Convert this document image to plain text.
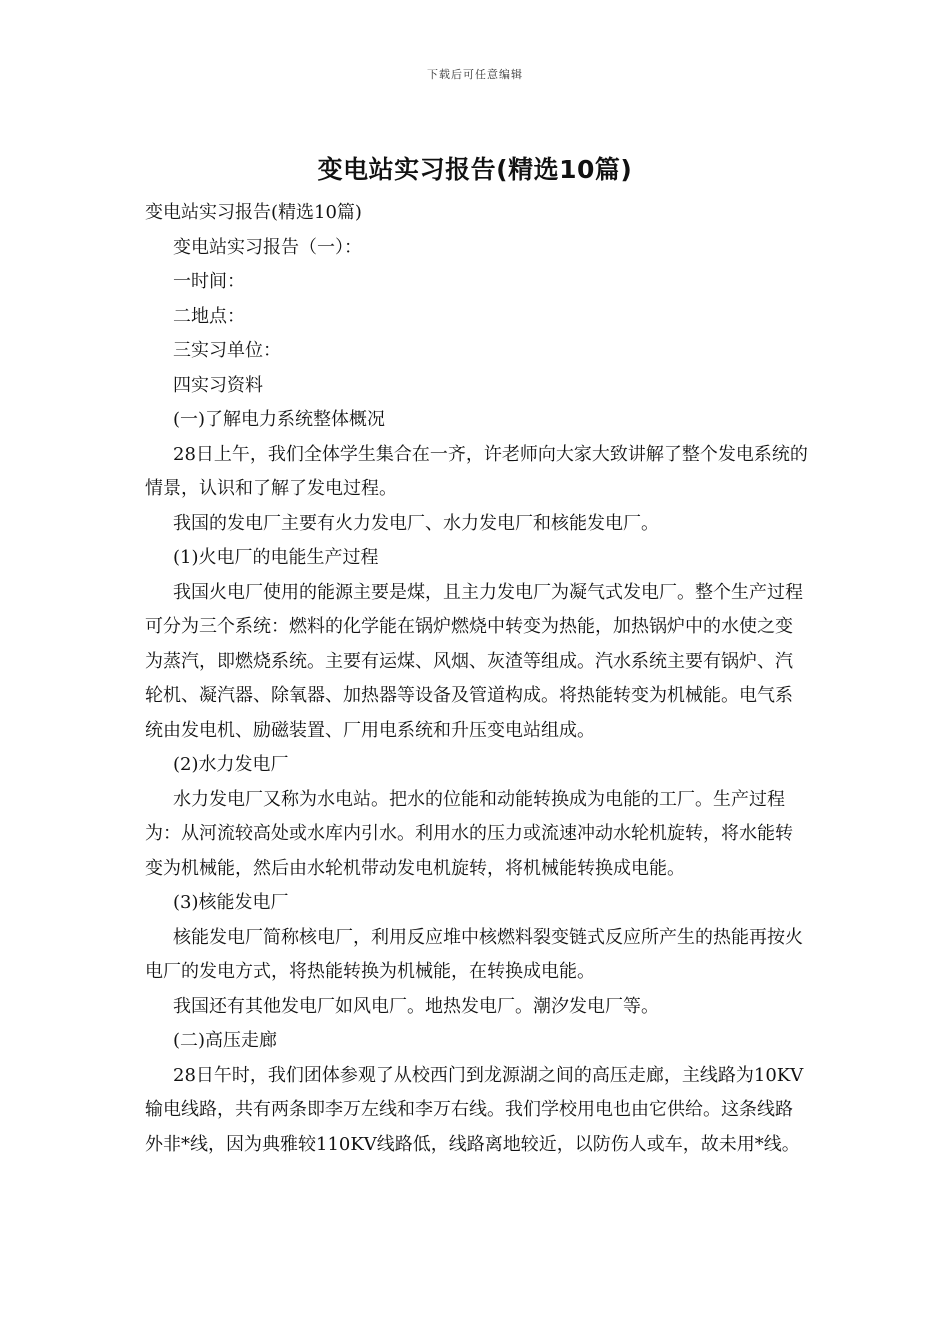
下载后可任意编辑
变电站实习报告(精选10篇)

变电站实习报告(精选10篇)

变电站实习报告（一）：

一时间：

二地点：

三实习单位：

四实习资料

(一)了解电力系统整体概况

28日上午，我们全体学生集合在一齐，许老师向大家大致讲解了整个发电系统的情景，认识和了解了发电过程。

我国的发电厂主要有火力发电厂、水力发电厂和核能发电厂。

(1)火电厂的电能生产过程

我国火电厂使用的能源主要是煤，且主力发电厂为凝气式发电厂。整个生产过程可分为三个系统：燃料的化学能在锅炉燃烧中转变为热能，加热锅炉中的水使之变为蒸汽，即燃烧系统。主要有运煤、风烟、灰渣等组成。汽水系统主要有锅炉、汽轮机、凝汽器、除氧器、加热器等设备及管道构成。将热能转变为机械能。电气系统由发电机、励磁装置、厂用电系统和升压变电站组成。

(2)水力发电厂

水力发电厂又称为水电站。把水的位能和动能转换成为电能的工厂。生产过程为：从河流较高处或水库内引水。利用水的压力或流速冲动水轮机旋转，将水能转变为机械能，然后由水轮机带动发电机旋转，将机械能转换成电能。

(3)核能发电厂

核能发电厂简称核电厂，利用反应堆中核燃料裂变链式反应所产生的热能再按火电厂的发电方式，将热能转换为机械能，在转换成电能。

我国还有其他发电厂如风电厂。地热发电厂。潮汐发电厂等。

(二)高压走廊

28日午时，我们团体参观了从校西门到龙源湖之间的高压走廊，主线路为10KV输电线路，共有两条即李万左线和李万右线。我们学校用电也由它供给。这条线路外非*线，因为典雅较110KV线路低，线路离地较近，以防伤人或车，故未用*线。
